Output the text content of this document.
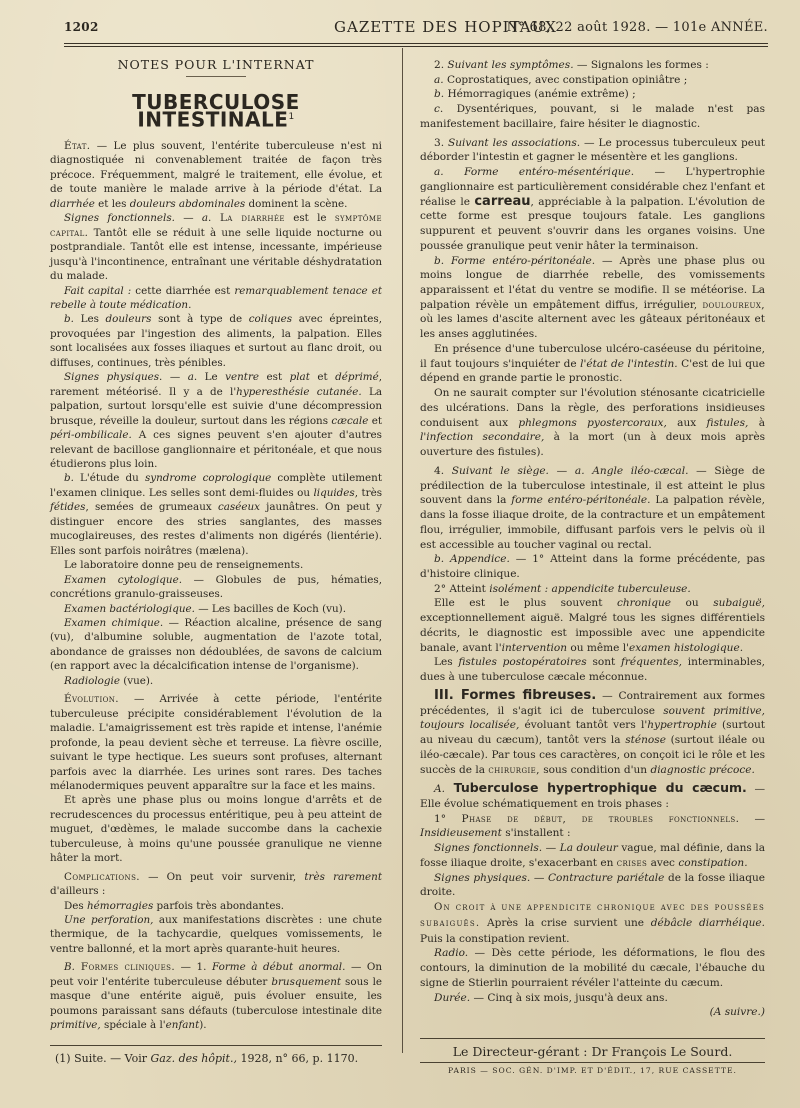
1202	GAZETTE DES HOPITAUX
N° 68, 22 août 1928. — 101e ANNÉE.
NOTES POUR L'INTERNAT
TUBERCULOSE INTESTINALE$^1$

État. — Le plus souvent, l'entérite tuberculeuse n'est ni diagnostiquée ni convenablement traitée de façon très précoce. Fréquemment, malgré le traitement, elle évolue, et de toute manière le malade arrive à la période d'état. La diarrhée et les douleurs abdominales dominent la scène.

Signes fonctionnels. — a. La diarrhée est le symptôme capital. Tantôt elle se réduit à une selle liquide nocturne ou postprandiale. Tantôt elle est intense, incessante, impérieuse jusqu'à l'incontinence, entraînant une véritable déshydratation du malade.

Fait capital : cette diarrhée est remarquablement tenace et rebelle à toute médication.

b. Les douleurs sont à type de coliques avec épreintes, provoquées par l'ingestion des aliments, la palpation. Elles sont localisées aux fosses iliaques et surtout au flanc droit, ou diffuses, continues, très pénibles.

Signes physiques. — a. Le ventre est plat et déprimé, rarement météorisé. Il y a de l'hyperesthésie cutanée. La palpation, surtout lorsqu'elle est suivie d'une décompression brusque, réveille la douleur, surtout dans les régions cæcale et péri-ombilicale. A ces signes peuvent s'en ajouter d'autres relevant de bacillose ganglionnaire et péritonéale, et que nous étudierons plus loin.

b. L'étude du syndrome coprologique complète utilement l'examen clinique. Les selles sont demi-fluides ou liquides, très fétides, semées de grumeaux caséeux jaunâtres. On peut y distinguer encore des stries sanglantes, des masses mucoglaireuses, des restes d'aliments non digérés (lientérie). Elles sont parfois noirâtres (mælena).

Le laboratoire donne peu de renseignements.

Examen cytologique. — Globules de pus, hématies, concrétions granulo-graisseuses.

Examen bactériologique. — Les bacilles de Koch (vu).

Examen chimique. — Réaction alcaline, présence de sang (vu), d'albumine soluble, augmentation de l'azote total, abondance de graisses non dédoublées, de savons de calcium (en rapport avec la décalcification intense de l'organisme).

Radiologie (vue).

Évolution. — Arrivée à cette période, l'entérite tuberculeuse précipite considérablement l'évolution de la maladie. L'amaigrissement est très rapide et intense, l'anémie profonde, la peau devient sèche et terreuse. La fièvre oscille, suivant le type hectique. Les sueurs sont profuses, alternant parfois avec la diarrhée. Les urines sont rares. Des taches mélanodermiques peuvent apparaître sur la face et les mains.

Et après une phase plus ou moins longue d'arrêts et de recrudescences du processus entéritique, peu à peu atteint de muguet, d'œdèmes, le malade succombe dans la cachexie tuberculeuse, à moins qu'une poussée granulique ne vienne hâter la mort.

Complications. — On peut voir survenir, très rarement d'ailleurs :

Des hémorragies parfois très abondantes.

Une perforation, aux manifestations discrètes : une chute thermique, de la tachycardie, quelques vomissements, le ventre ballonné, et la mort après quarante-huit heures.

B. Formes cliniques. — 1. Forme à début anormal. — On peut voir l'entérite tuberculeuse débuter brusquement sous le masque d'une entérite aiguë, puis évoluer ensuite, les poumons paraissant sans défauts (tuberculose intestinale dite primitive, spéciale à l'enfant).

2. Suivant les symptômes. — Signalons les formes :

a. Coprostatiques, avec constipation opiniâtre ;

b. Hémorragiques (anémie extrême) ;

c. Dysentériques, pouvant, si le malade n'est pas manifestement bacillaire, faire hésiter le diagnostic.

3. Suivant les associations. — Le processus tuberculeux peut déborder l'intestin et gagner le mésentère et les ganglions.

a. Forme entéro-mésentérique. — L'hypertrophie ganglionnaire est particulièrement considérable chez l'enfant et réalise le carreau, appréciable à la palpation. L'évolution de cette forme est presque toujours fatale. Les ganglions suppurent et peuvent s'ouvrir dans les organes voisins. Une poussée granulique peut venir hâter la terminaison.

b. Forme entéro-péritonéale. — Après une phase plus ou moins longue de diarrhée rebelle, des vomissements apparaissent et l'état du ventre se modifie. Il se météorise. La palpation révèle un empâtement diffus, irrégulier, douloureux, où les lames d'ascite alternent avec les gâteaux péritonéaux et les anses agglutinées.

En présence d'une tuberculose ulcéro-caséeuse du péritoine, il faut toujours s'inquiéter de l'état de l'intestin. C'est de lui que dépend en grande partie le pronostic.

On ne saurait compter sur l'évolution sténosante cicatricielle des ulcérations. Dans la règle, des perforations insidieuses conduisent aux phlegmons pyostercoraux, aux fistules, à l'infection secondaire, à la mort (un à deux mois après ouverture des fistules).

4. Suivant le siège. — a. Angle iléo-cæcal. — Siège de prédilection de la tuberculose intestinale, il est atteint le plus souvent dans la forme entéro-péritonéale. La palpation révèle, dans la fosse iliaque droite, de la contracture et un empâtement flou, irrégulier, immobile, diffusant parfois vers le pelvis où il est accessible au toucher vaginal ou rectal.

b. Appendice. — 1° Atteint dans la forme précédente, pas d'histoire clinique.

2° Atteint isolément : appendicite tuberculeuse.

Elle est le plus souvent chronique ou subaiguë, exceptionnellement aiguë. Malgré tous les signes différentiels décrits, le diagnostic est impossible avec une appendicite banale, avant l'intervention ou même l'examen histologique.

Les fistules postopératoires sont fréquentes, interminables, dues à une tuberculose cæcale méconnue.

III. Formes fibreuses. — Contrairement aux formes précédentes, il s'agit ici de tuberculose souvent primitive, toujours localisée, évoluant tantôt vers l'hypertrophie (surtout au niveau du cæcum), tantôt vers la sténose (surtout iléale ou iléo-cæcale). Par tous ces caractères, on conçoit ici le rôle et les succès de la chirurgie, sous condition d'un diagnostic précoce.

A. Tuberculose hypertrophique du cæcum. — Elle évolue schématiquement en trois phases :

1° Phase de début, de troubles fonctionnels. — Insidieusement s'installent :

Signes fonctionnels. — La douleur vague, mal définie, dans la fosse iliaque droite, s'exacerbant en crises avec constipation.

Signes physiques. — Contracture pariétale de la fosse iliaque droite.

On croit à une appendicite chronique avec des poussées subaiguës. Après la crise survient une débâcle diarrhéique. Puis la constipation revient.

Radio. — Dès cette période, les déformations, le flou des contours, la diminution de la mobilité du cæcale, l'ébauche du signe de Stierlin pourraient révéler l'atteinte du cæcum.

Durée. — Cinq à six mois, jusqu'à deux ans.

(A suivre.)

(1) Suite. — Voir Gaz. des hôpit., 1928, n° 66, p. 1170.	Le Directeur-gérant : Dr François Le Sourd.
PARIS — SOC. GÉN. D'IMP. ET D'ÉDIT., 17, RUE CASSETTE.
